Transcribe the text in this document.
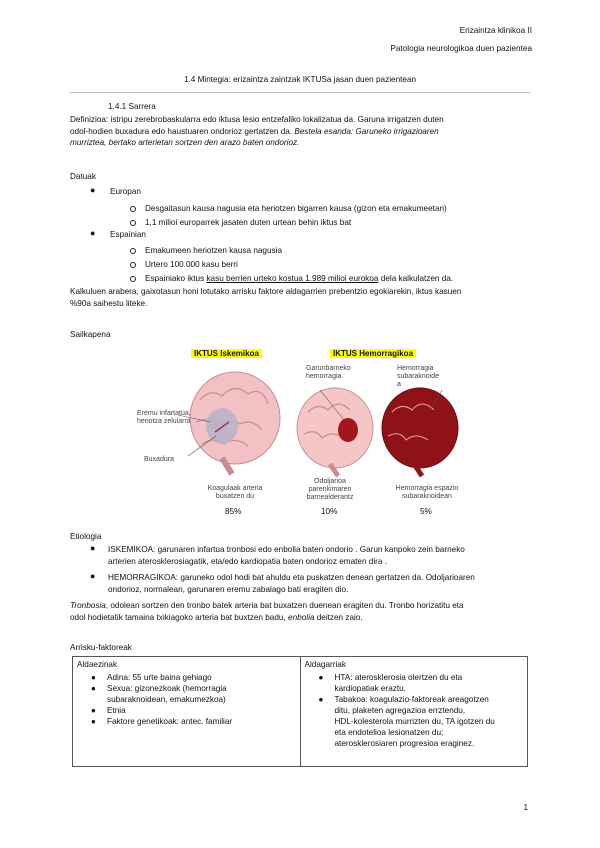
Erizaintza klinikoa II
Patologia neurologikoa duen pazientea
1.4 Mintegia: erizaintza zaintzak IKTUSa jasan duen pazientean
1.4.1 Sarrera
Definizioa: istripu zerebrobaskularra edo iktusa lesio entzefaliko lokalizatua da. Garuna irrigatzen duten
odol-hodien buxadura edo haustuaren ondorioz gertatzen da. Bestela esanda: Garuneko irrigazioaren
murriztea, bertako arterietan sortzen den arazo baten ondorioz.
Datuak
● Europan
Desgaitasun kausa nagusia eta heriotzen bigarren kausa (gizon eta emakumeetan)
1,1 milioi europarrek jasaten duten urtean behin iktus bat
● Espainian
Emakumeen heriotzen kausa nagusia
Urtero 100.000 kasu berri
Espainiako iktus kasu berrien urteko kostua 1.989 milioi eurokoa dela kalkulatzen da.
Kalkuluen arabera, gaixotasun honi lotutako arrisku faktore aldagarrien prebentzio egokiarekin, iktus kasuen
%90a saihestu liteke.
Sailkapena
IKTUS Iskemikoa	IKTUS Hemorragikoa
Eremu infartatua,
heriotza zelularra
Buxadura
Garunbarneko
hemorragia
Hemorragia
subaraknoide
a
Koagulaak arteria
buxatzen du
85%
Odoljarioa
parenkimaren
barnealderantz
10%
Hemorragia espazio
subaraknoidean
5%
Etiologia
● ISKEMIKOA: garunaren infartua tronbosi edo enbolia baten ondorio . Garun kanpoko zein barneko
arterien aterosklerosiagatik, eta/edo kardiopatia baten ondorioz ematen dira .
● HEMORRAGIKOA: garuneko odol hodi bat ahuldu eta puskatzen denean gertatzen da. Odoljarioaren
ondorioz, normalean, garunaren eremu zabalago bati eragiten dio.
Tronbosia, odolean sortzen den tronbo batek arteria bat buxatzen duenean eragiten du. Tronbo horizatitu eta
odol hodietatik tamaina txikiagoko arteria bat buxtzen badu, enbolia deitzen zaio.
Arrisku-faktoreak
Aldaezinak
● Adina: 55 urte baina gehiago
● Sexua: gizonezkoak (hemorragia
subaraknoidean, emakumezkoa)
● Etnia
● Faktore genetikoak: antec. familiar

Aldagarriak
● HTA: aterosklerosia olertzen du eta
kardiopatiak eraztu.
● Tabakoa: koagulazio-faktoreak areagotzen
ditu, plaketen agregazioa errztendu,
HDL-kolesterola murrizten du, TA igotzen du
eta endotelioa lesionatzen du;
aterosklerosiaren progresioa eraginez.
1
